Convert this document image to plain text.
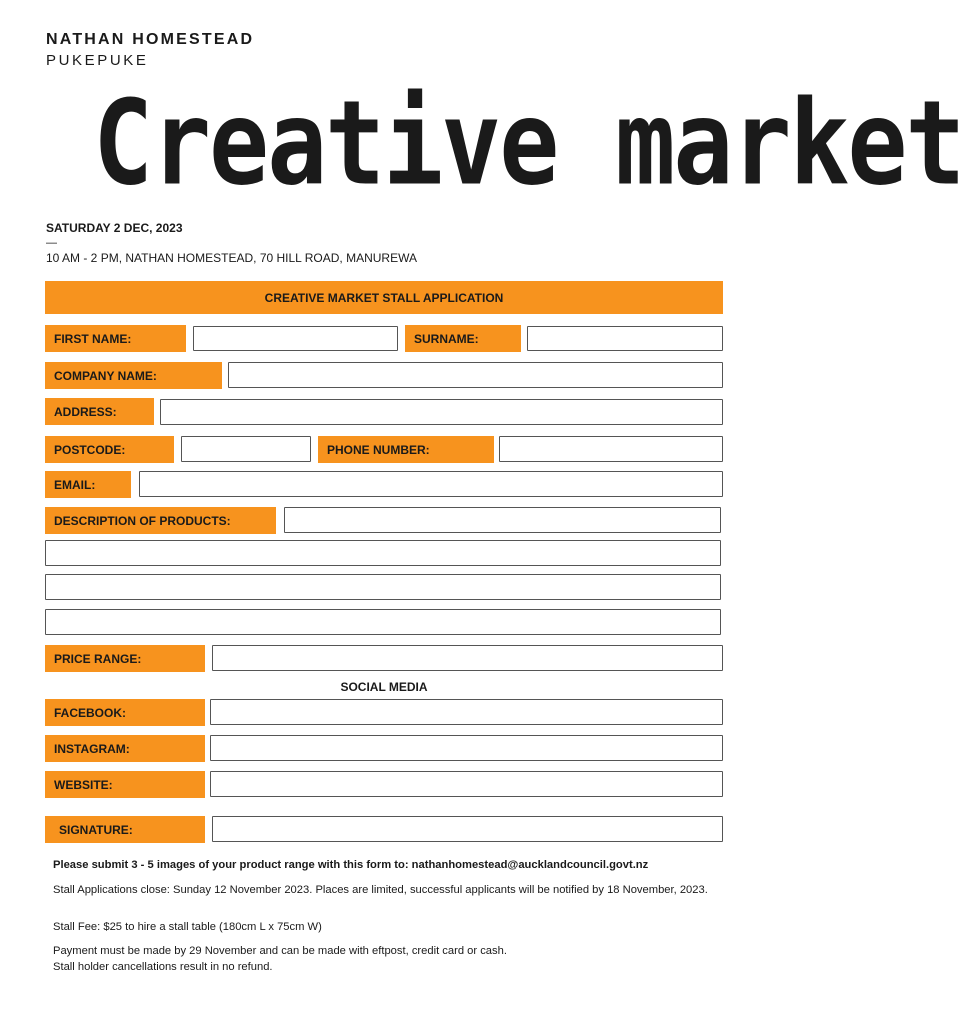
NATHAN HOMESTEAD
PUKEPUKE
Creative market
SATURDAY 2 DEC, 2023
—
10 AM - 2 PM, NATHAN HOMESTEAD, 70 HILL ROAD, MANUREWA
CREATIVE MARKET STALL APPLICATION
FIRST NAME:	SURNAME:
COMPANY NAME:
ADDRESS:
POSTCODE:	PHONE NUMBER:
EMAIL:
DESCRIPTION OF PRODUCTS:
PRICE RANGE:
SOCIAL MEDIA
FACEBOOK:
INSTAGRAM:
WEBSITE:
SIGNATURE:
Please submit 3 - 5 images of your product range with this form to: nathanhomestead@aucklandcouncil.govt.nz
Stall Applications close: Sunday 12 November 2023. Places are limited, successful applicants will be notified by 18 November, 2023.
Stall Fee: $25 to hire a stall table (180cm L x 75cm W)
Payment must be made by 29 November and can be made with eftpost, credit card or cash.
Stall holder cancellations result in no refund.
